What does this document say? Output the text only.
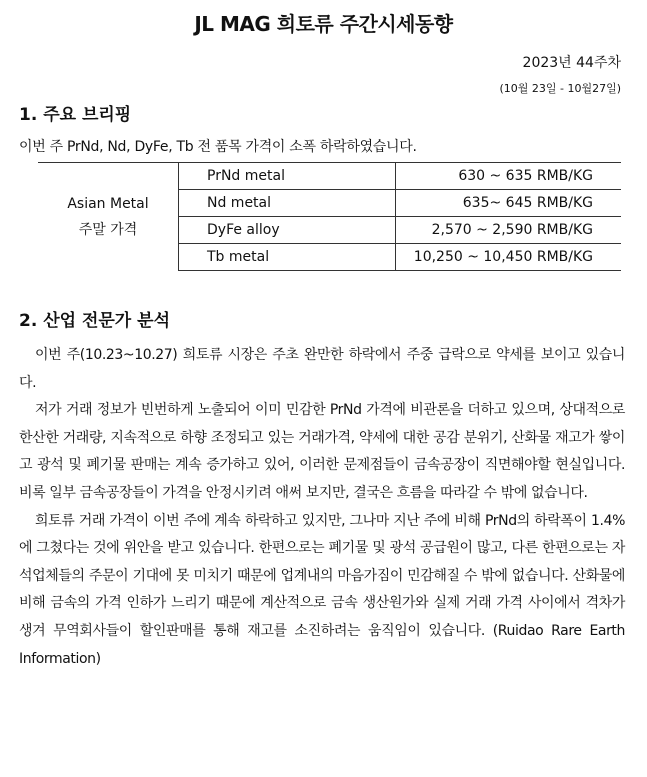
JL MAG 희토류 주간시세동향
2023년 44주차
(10월 23일 - 10월27일)
1. 주요 브리핑
이번 주 PrNd, Nd, DyFe, Tb 전 품목 가격이 소폭 하락하였습니다.
Asian Metal
주말 가격	PrNd metal	630 ~ 635 RMB/KG
	Nd metal	635~ 645 RMB/KG
	DyFe alloy	2,570 ~ 2,590 RMB/KG
	Tb metal	10,250 ~ 10,450 RMB/KG
2. 산업 전문가 분석

이번 주(10.23~10.27) 희토류 시장은 주초 완만한 하락에서 주중 급락으로 약세를 보이고 있습니다.

저가 거래 정보가 빈번하게 노출되어 이미 민감한 PrNd 가격에 비관론을 더하고 있으며, 상대적으로 한산한 거래량, 지속적으로 하향 조정되고 있는 거래가격, 약세에 대한 공감 분위기, 산화물 재고가 쌓이고 광석 및 폐기물 판매는 계속 증가하고 있어, 이러한 문제점들이 금속공장이 직면해야할 현실입니다. 비록 일부 금속공장들이 가격을 안정시키려 애써 보지만, 결국은 흐름을 따라갈 수 밖에 없습니다.

희토류 거래 가격이 이번 주에 계속 하락하고 있지만, 그나마 지난 주에 비해 PrNd의 하락폭이 1.4%에 그쳤다는 것에 위안을 받고 있습니다. 한편으로는 폐기물 및 광석 공급원이 많고, 다른 한편으로는 자석업체들의 주문이 기대에 못 미치기 때문에 업계내의 마음가짐이 민감해질 수 밖에 없습니다. 산화물에 비해 금속의 가격 인하가 느리기 때문에 계산적으로 금속 생산원가와 실제 거래 가격 사이에서 격차가 생겨 무역회사들이 할인판매를 통해 재고를 소진하려는 움직임이 있습니다. (Ruidao Rare Earth Information)
